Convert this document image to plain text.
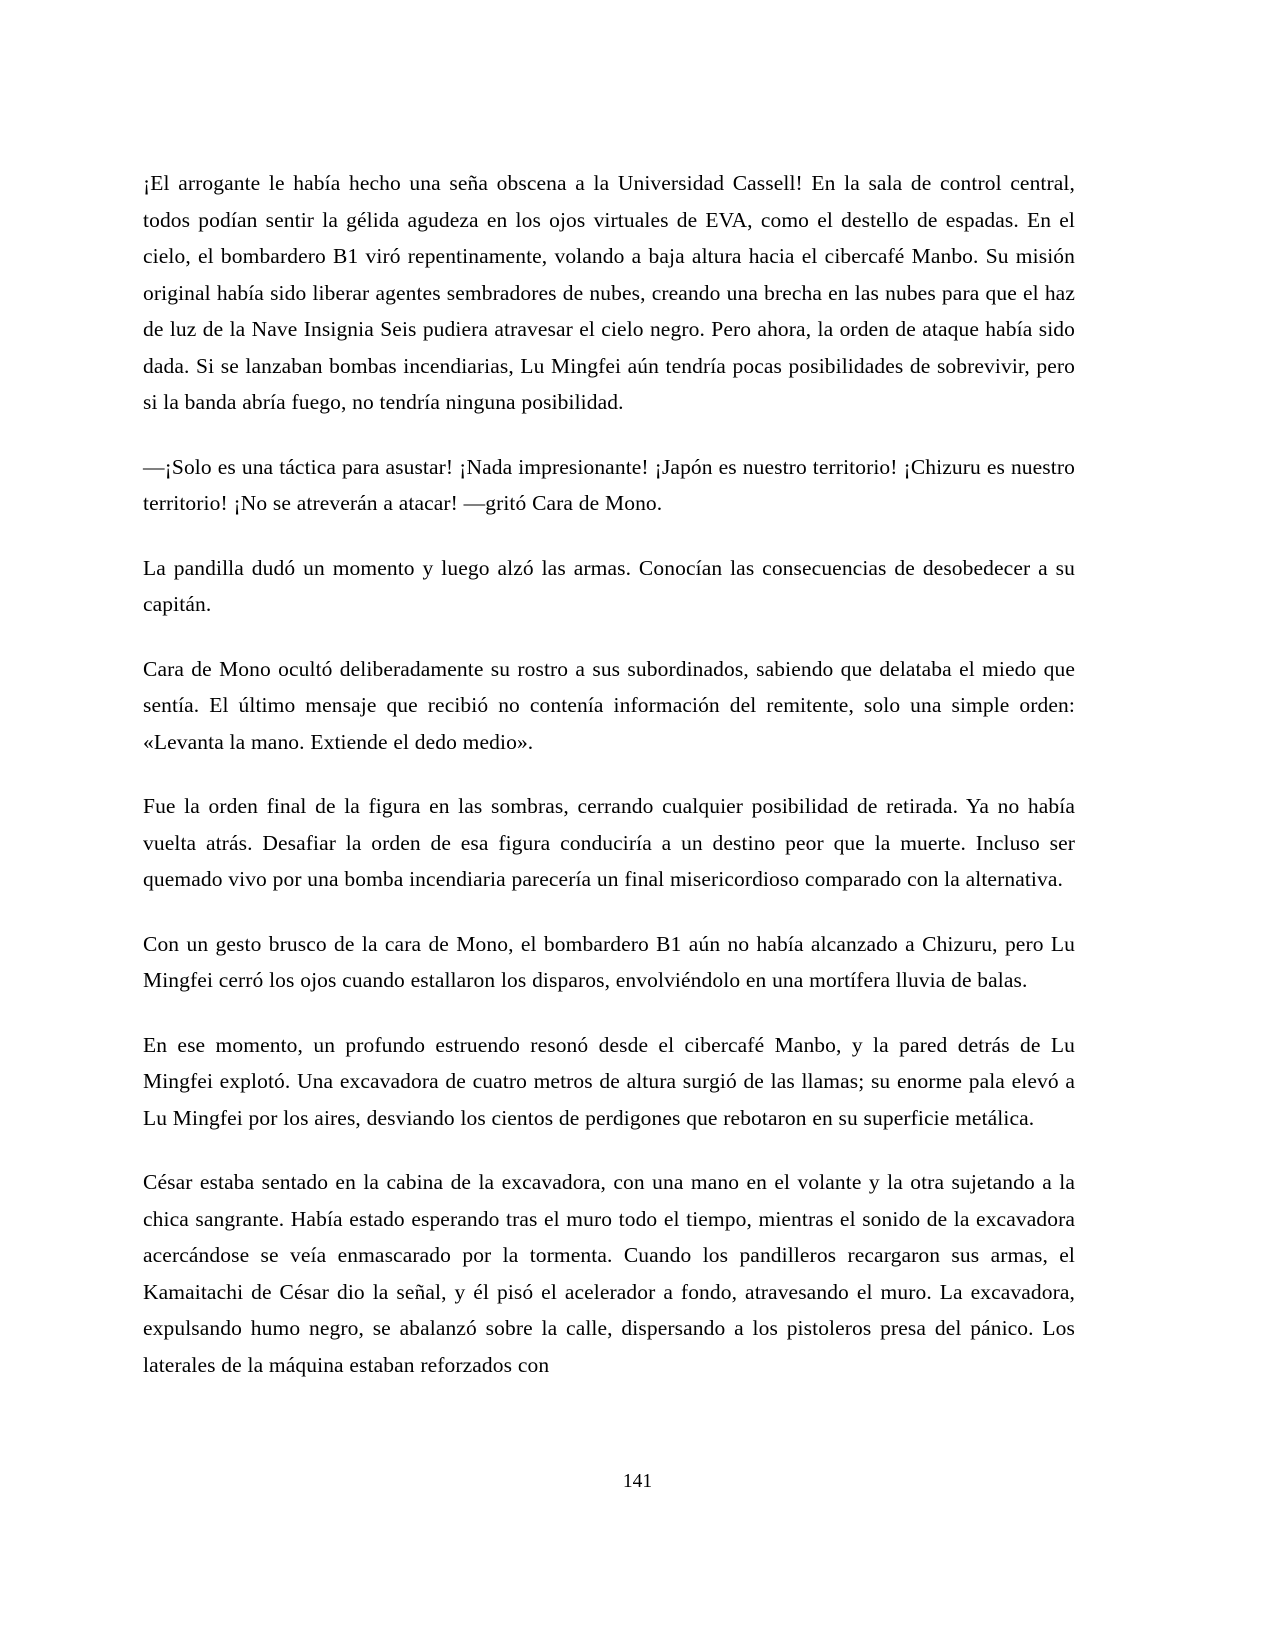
¡El arrogante le había hecho una seña obscena a la Universidad Cassell! En la sala de control central, todos podían sentir la gélida agudeza en los ojos virtuales de EVA, como el destello de espadas. En el cielo, el bombardero B1 viró repentinamente, volando a baja altura hacia el cibercafé Manbo. Su misión original había sido liberar agentes sembradores de nubes, creando una brecha en las nubes para que el haz de luz de la Nave Insignia Seis pudiera atravesar el cielo negro. Pero ahora, la orden de ataque había sido dada. Si se lanzaban bombas incendiarias, Lu Mingfei aún tendría pocas posibilidades de sobrevivir, pero si la banda abría fuego, no tendría ninguna posibilidad.

—¡Solo es una táctica para asustar! ¡Nada impresionante! ¡Japón es nuestro territorio! ¡Chizuru es nuestro territorio! ¡No se atreverán a atacar! —gritó Cara de Mono.

La pandilla dudó un momento y luego alzó las armas. Conocían las consecuencias de desobedecer a su capitán.

Cara de Mono ocultó deliberadamente su rostro a sus subordinados, sabiendo que delataba el miedo que sentía. El último mensaje que recibió no contenía información del remitente, solo una simple orden: «Levanta la mano. Extiende el dedo medio».

Fue la orden final de la figura en las sombras, cerrando cualquier posibilidad de retirada. Ya no había vuelta atrás. Desafiar la orden de esa figura conduciría a un destino peor que la muerte. Incluso ser quemado vivo por una bomba incendiaria parecería un final misericordioso comparado con la alternativa.

Con un gesto brusco de la cara de Mono, el bombardero B1 aún no había alcanzado a Chizuru, pero Lu Mingfei cerró los ojos cuando estallaron los disparos, envolviéndolo en una mortífera lluvia de balas.

En ese momento, un profundo estruendo resonó desde el cibercafé Manbo, y la pared detrás de Lu Mingfei explotó. Una excavadora de cuatro metros de altura surgió de las llamas; su enorme pala elevó a Lu Mingfei por los aires, desviando los cientos de perdigones que rebotaron en su superficie metálica.

César estaba sentado en la cabina de la excavadora, con una mano en el volante y la otra sujetando a la chica sangrante. Había estado esperando tras el muro todo el tiempo, mientras el sonido de la excavadora acercándose se veía enmascarado por la tormenta. Cuando los pandilleros recargaron sus armas, el Kamaitachi de César dio la señal, y él pisó el acelerador a fondo, atravesando el muro. La excavadora, expulsando humo negro, se abalanzó sobre la calle, dispersando a los pistoleros presa del pánico. Los laterales de la máquina estaban reforzados con

141
